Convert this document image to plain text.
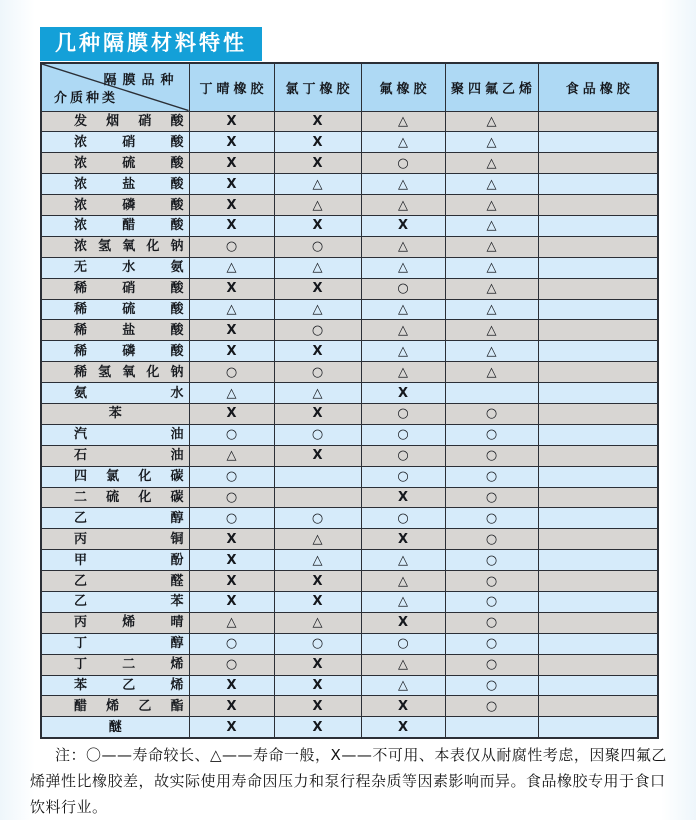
几种隔膜材料特性
隔膜品种
介质种类	丁晴橡胶	氯丁橡胶	氟橡胶	聚四氟乙烯	食品橡胶

发烟硝酸	X	X	△	△	

浓硝酸	X	X	△	△	

浓硫酸	X	X	○	△	

浓盐酸	X	△	△	△	

浓磷酸	X	△	△	△	

浓醋酸	X	X	X	△	

浓氢氧化钠	○	○	△	△	

无水氨	△	△	△	△	

稀硝酸	X	X	○	△	

稀硫酸	△	△	△	△	

稀盐酸	X	○	△	△	

稀磷酸	X	X	△	△	

稀氢氧化钠	○	○	△	△	

氨水	△	△	X		

苯	X	X	○	○	

汽油	○	○	○	○	

石油	△	X	○	○	

四氯化碳	○		○	○	

二硫化碳	○		X	○	

乙醇	○	○	○	○	

丙铜	X	△	X	○	

甲酚	X	△	△	○	

乙醛	X	X	△	○	

乙苯	X	X	△	○	

丙烯晴	△	△	X	○	

丁醇	○	○	○	○	

丁二烯	○	X	△	○	

苯乙烯	X	X	△	○	

醋烯乙酯	X	X	X	○	

醚	X	X	X		

注：〇——寿命较长、△——寿命一般，X——不可用、本表仅从耐腐性考虑，因聚四氟乙烯弹性比橡胶差，故实际使用寿命因压力和泵行程杂质等因素影响而异。食品橡胶专用于食口饮料行业。
